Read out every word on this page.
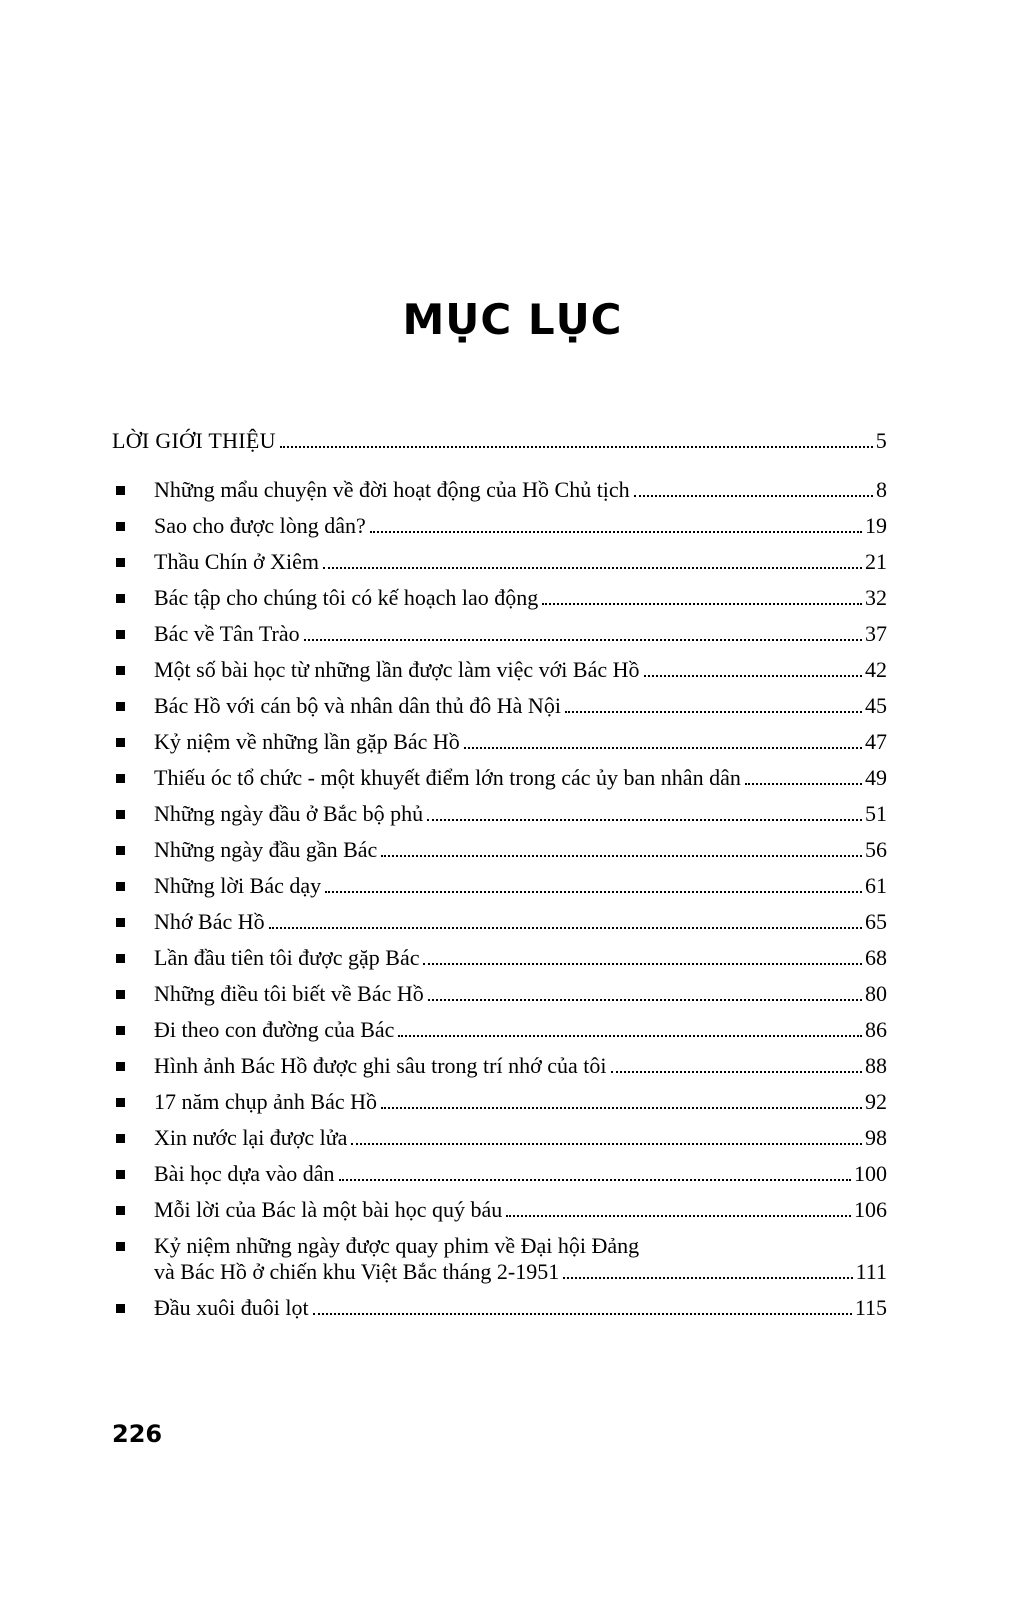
MỤC LỤC
LỜI GIỚI THIỆU	5
Những mẩu chuyện về đời hoạt động của Hồ Chủ tịch	8
Sao cho được lòng dân?	19
Thầu Chín ở Xiêm	21
Bác tập cho chúng tôi có kế hoạch lao động	32
Bác về Tân Trào	37
Một số bài học từ những lần được làm việc với Bác Hồ	42
Bác Hồ với cán bộ và nhân dân thủ đô Hà Nội	45
Kỷ niệm về những lần gặp Bác Hồ	47
Thiếu óc tổ chức - một khuyết điểm lớn trong các ủy ban nhân dân	49
Những ngày đầu ở Bắc bộ phủ	51
Những ngày đầu gần Bác	56
Những lời Bác dạy	61
Nhớ Bác Hồ	65
Lần đầu tiên tôi được gặp Bác	68
Những điều tôi biết về Bác Hồ	80
Đi theo con đường của Bác	86
Hình ảnh Bác Hồ được ghi sâu trong trí nhớ của tôi	88
17 năm chụp ảnh Bác Hồ	92
Xin nước lại được lửa	98
Bài học dựa vào dân	100
Mỗi lời của Bác là một bài học quý báu	106
Kỷ niệm những ngày được quay phim về Đại hội Đảng
và Bác Hồ ở chiến khu Việt Bắc tháng 2-1951	111
Đầu xuôi đuôi lọt	115
226
